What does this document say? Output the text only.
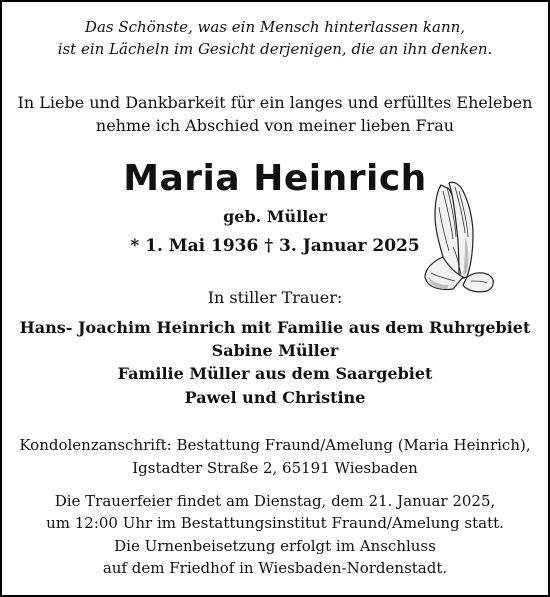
Das Schönste, was ein Mensch hinterlassen kann,
ist ein Lächeln im Gesicht derjenigen, die an ihn denken.
In Liebe und Dankbarkeit für ein langes und erfülltes Eheleben
nehme ich Abschied von meiner lieben Frau
Maria Heinrich
geb. Müller
* 1. Mai 1936 † 3. Januar 2025
In stiller Trauer:
Hans- Joachim Heinrich mit Familie aus dem Ruhrgebiet
Sabine Müller
Familie Müller aus dem Saargebiet
Pawel und Christine
Kondolenzanschrift: Bestattung Fraund/Amelung (Maria Heinrich),
Igstadter Straße 2, 65191 Wiesbaden
Die Trauerfeier findet am Dienstag, dem 21. Januar 2025,
um 12:00 Uhr im Bestattungsinstitut Fraund/Amelung statt.
Die Urnenbeisetzung erfolgt im Anschluss
auf dem Friedhof in Wiesbaden-Nordenstadt.
